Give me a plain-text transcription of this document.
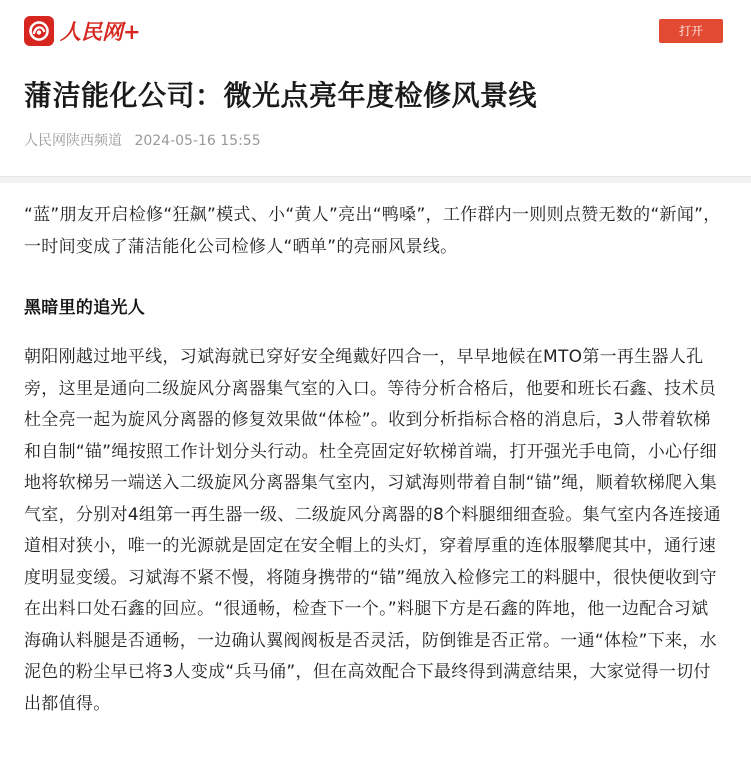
人民网+	打开
蒲洁能化公司：微光点亮年度检修风景线
人民网陕西频道 2024-05-16 15:55

“蓝”朋友开启检修“狂飙”模式、小“黄人”亮出“鸭嗓”，工作群内一则则点赞无数的“新闻”，一时间变成了蒲洁能化公司检修人“晒单”的亮丽风景线。

黑暗里的追光人

朝阳刚越过地平线，习斌海就已穿好安全绳戴好四合一，早早地候在MTO第一再生器人孔旁，这里是通向二级旋风分离器集气室的入口。等待分析合格后，他要和班长石鑫、技术员杜全亮一起为旋风分离器的修复效果做“体检”。收到分析指标合格的消息后，3人带着软梯和自制“锚”绳按照工作计划分头行动。杜全亮固定好软梯首端，打开强光手电筒，小心仔细地将软梯另一端送入二级旋风分离器集气室内，习斌海则带着自制“锚”绳，顺着软梯爬入集气室，分别对4组第一再生器一级、二级旋风分离器的8个料腿细细查验。集气室内各连接通道相对狭小，唯一的光源就是固定在安全帽上的头灯，穿着厚重的连体服攀爬其中，通行速度明显变缓。习斌海不紧不慢，将随身携带的“锚”绳放入检修完工的料腿中，很快便收到守在出料口处石鑫的回应。“很通畅，检查下一个。”料腿下方是石鑫的阵地，他一边配合习斌海确认料腿是否通畅，一边确认翼阀阀板是否灵活，防倒锥是否正常。一通“体检”下来，水泥色的粉尘早已将3人变成“兵马俑”，但在高效配合下最终得到满意结果，大家觉得一切付出都值得。
